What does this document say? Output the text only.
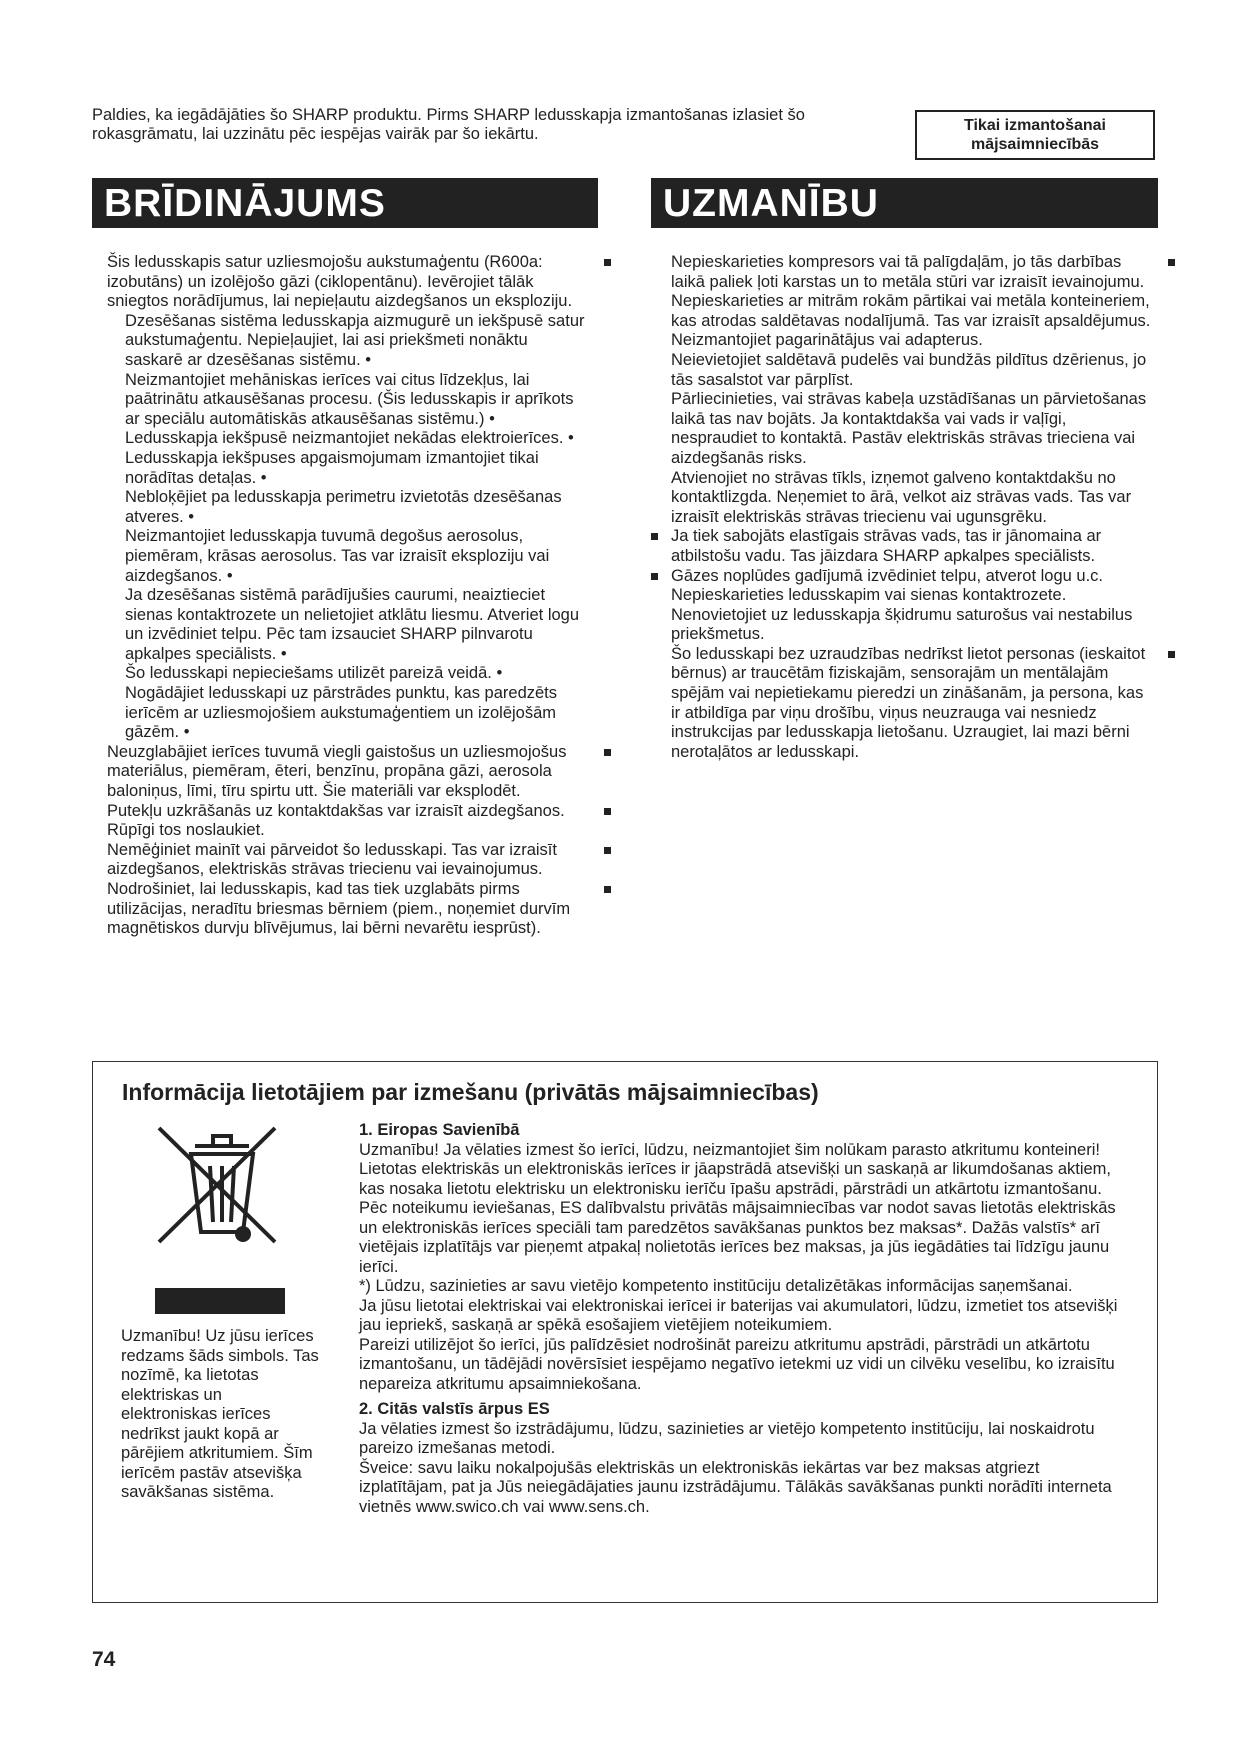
Paldies, ka iegādājāties šo SHARP produktu. Pirms SHARP ledusskapja izmantošanas izlasiet šo rokasgrāmatu, lai uzzinātu pēc iespējas vairāk par šo iekārtu.	Tikai izmantošanai
mājsaimniecībās
BRĪDINĀJUMS	UZMANĪBU

Šis ledusskapis satur uzliesmojošu aukstumaģentu (R600a: izobutāns) un izolējošo gāzi (ciklopentānu). Ievērojiet tālāk sniegtos norādījumus, lai nepieļautu aizdegšanos un eksploziju.

Dzesēšanas sistēma ledusskapja aizmugurē un iekšpusē satur aukstumaģentu. Nepieļaujiet, lai asi priekšmeti nonāktu saskarē ar dzesēšanas sistēmu. •

Neizmantojiet mehāniskas ierīces vai citus līdzekļus, lai paātrinātu atkausēšanas procesu. (Šis ledusskapis ir aprīkots ar speciālu automātiskās atkausēšanas sistēmu.) •

Ledusskapja iekšpusē neizmantojiet nekādas elektroierīces. •

Ledusskapja iekšpuses apgaismojumam izmantojiet tikai norādītas detaļas. •

Nebloķējiet pa ledusskapja perimetru izvietotās dzesēšanas atveres. •

Neizmantojiet ledusskapja tuvumā degošus aerosolus, piemēram, krāsas aerosolus. Tas var izraisīt eksploziju vai aizdegšanos. •

Ja dzesēšanas sistēmā parādījušies caurumi, neaiztieciet sienas kontaktrozete un nelietojiet atklātu liesmu. Atveriet logu un izvēdiniet telpu. Pēc tam izsauciet SHARP pilnvarotu apkalpes speciālists. •

Šo ledusskapi nepieciešams utilizēt pareizā veidā. •

Nogādājiet ledusskapi uz pārstrādes punktu, kas paredzēts ierīcēm ar uzliesmojošiem aukstumaģentiem un izolējošām gāzēm. •

Neuzglabājiet ierīces tuvumā viegli gaistošus un uzliesmojošus materiālus, piemēram, ēteri, benzīnu, propāna gāzi, aerosola baloniņus, līmi, tīru spirtu utt. Šie materiāli var eksplodēt.

Putekļu uzkrāšanās uz kontaktdakšas var izraisīt aizdegšanos. Rūpīgi tos noslaukiet.

Nemēģiniet mainīt vai pārveidot šo ledusskapi. Tas var izraisīt aizdegšanos, elektriskās strāvas triecienu vai ievainojumus.

Nodrošiniet, lai ledusskapis, kad tas tiek uzglabāts pirms utilizācijas, neradītu briesmas bērniem (piem., noņemiet durvīm magnētiskos durvju blīvējumus, lai bērni nevarētu iesprūst).

Nepieskarieties kompresors vai tā palīgdaļām, jo tās darbības laikā paliek ļoti karstas un to metāla stūri var izraisīt ievainojumu.

Nepieskarieties ar mitrām rokām pārtikai vai metāla konteineriem, kas atrodas saldētavas nodalījumā. Tas var izraisīt apsaldējumus.

Neizmantojiet pagarinātājus vai adapterus.

Neievietojiet saldētavā pudelēs vai bundžās pildītus dzērienus, jo tās sasalstot var pārplīst.

Pārliecinieties, vai strāvas kabeļa uzstādīšanas un pārvietošanas laikā tas nav bojāts. Ja kontaktdakša vai vads ir vaļīgi, nespraudiet to kontaktā. Pastāv elektriskās strāvas trieciena vai aizdegšanās risks.

Atvienojiet no strāvas tīkls, izņemot galveno kontaktdakšu no kontaktlizgda. Neņemiet to ārā, velkot aiz strāvas vads. Tas var izraisīt elektriskās strāvas triecienu vai ugunsgrēku.

Ja tiek sabojāts elastīgais strāvas vads, tas ir jānomaina ar atbilstošu vadu. Tas jāizdara SHARP apkalpes speciālists.

Gāzes noplūdes gadījumā izvēdiniet telpu, atverot logu u.c. Nepieskarieties ledusskapim vai sienas kontaktrozete.

Nenovietojiet uz ledusskapja šķidrumu saturošus vai nestabilus priekšmetus.

Šo ledusskapi bez uzraudzības nedrīkst lietot personas (ieskaitot bērnus) ar traucētām fiziskajām, sensorajām un mentālajām spējām vai nepietiekamu pieredzi un zināšanām, ja persona, kas ir atbildīga par viņu drošību, viņus neuzrauga vai nesniedz instrukcijas par ledusskapja lietošanu. Uzraugiet, lai mazi bērni nerotaļātos ar ledusskapi.

Informācija lietotājiem par izmešanu (privātās mājsaimniecības)
Uzmanību! Uz jūsu ierīces redzams šāds simbols. Tas nozīmē, ka lietotas elektriskas un elektroniskas ierīces nedrīkst jaukt kopā ar pārējiem atkritumiem. Šīm ierīcēm pastāv atsevišķa savākšanas sistēma.
1. Eiropas Savienībā

Uzmanību! Ja vēlaties izmest šo ierīci, lūdzu, neizmantojiet šim nolūkam parasto atkritumu konteineri!

Lietotas elektriskās un elektroniskās ierīces ir jāapstrādā atsevišķi un saskaņā ar likumdošanas aktiem, kas nosaka lietotu elektrisku un elektronisku ierīču īpašu apstrādi, pārstrādi un atkārtotu izmantošanu.

Pēc noteikumu ieviešanas, ES dalībvalstu privātās mājsaimniecības var nodot savas lietotās elektriskās un elektroniskās ierīces speciāli tam paredzētos savākšanas punktos bez maksas*. Dažās valstīs* arī vietējais izplatītājs var pieņemt atpakaļ nolietotās ierīces bez maksas, ja jūs iegādāties tai līdzīgu jaunu ierīci.

*) Lūdzu, sazinieties ar savu vietējo kompetento institūciju detalizētākas informācijas saņemšanai.

Ja jūsu lietotai elektriskai vai elektroniskai ierīcei ir baterijas vai akumulatori, lūdzu, izmetiet tos atsevišķi jau iepriekš, saskaņā ar spēkā esošajiem vietējiem noteikumiem.

Pareizi utilizējot šo ierīci, jūs palīdzēsiet nodrošināt pareizu atkritumu apstrādi, pārstrādi un atkārtotu izmantošanu, un tādējādi novērsīsiet iespējamo negatīvo ietekmi uz vidi un cilvēku veselību, ko izraisītu nepareiza atkritumu apsaimniekošana.

2. Citās valstīs ārpus ES

Ja vēlaties izmest šo izstrādājumu, lūdzu, sazinieties ar vietējo kompetento institūciju, lai noskaidrotu pareizo izmešanas metodi.

Šveice: savu laiku nokalpojušās elektriskās un elektroniskās iekārtas var bez maksas atgriezt izplatītājam, pat ja Jūs neiegādājaties jaunu izstrādājumu. Tālākās savākšanas punkti norādīti interneta vietnēs www.swico.ch vai www.sens.ch.

74
